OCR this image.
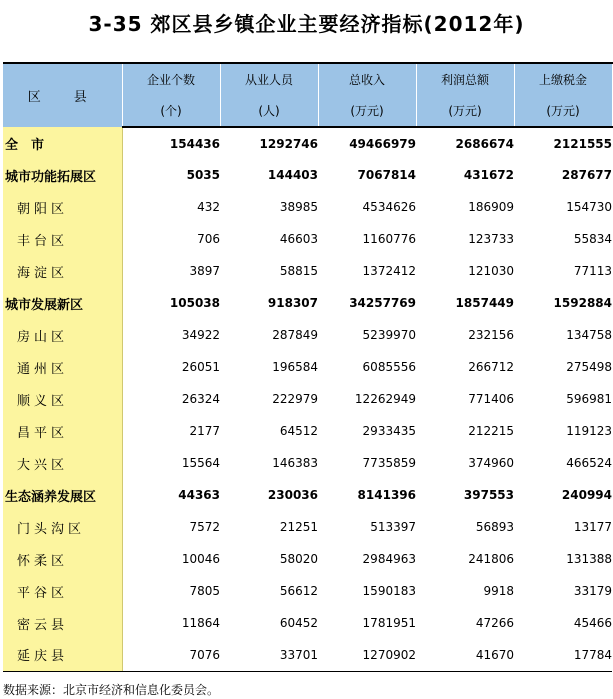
3-35 郊区县乡镇企业主要经济指标(2012年)
区　县	企业个数	从业人员	总收入	利润总额	上缴税金
	(个)	(人)	(万元)	(万元)	(万元)
全　市	154436	1292746	49466979	2686674	2121555
城市功能拓展区	5035	144403	7067814	431672	287677
朝阳区	432	38985	4534626	186909	154730
丰台区	706	46603	1160776	123733	55834
海淀区	3897	58815	1372412	121030	77113
城市发展新区	105038	918307	34257769	1857449	1592884
房山区	34922	287849	5239970	232156	134758
通州区	26051	196584	6085556	266712	275498
顺义区	26324	222979	12262949	771406	596981
昌平区	2177	64512	2933435	212215	119123
大兴区	15564	146383	7735859	374960	466524
生态涵养发展区	44363	230036	8141396	397553	240994
门头沟区	7572	21251	513397	56893	13177
怀柔区	10046	58020	2984963	241806	131388
平谷区	7805	56612	1590183	9918	33179
密云县	11864	60452	1781951	47266	45466
延庆县	7076	33701	1270902	41670	17784
数据来源：北京市经济和信息化委员会。
